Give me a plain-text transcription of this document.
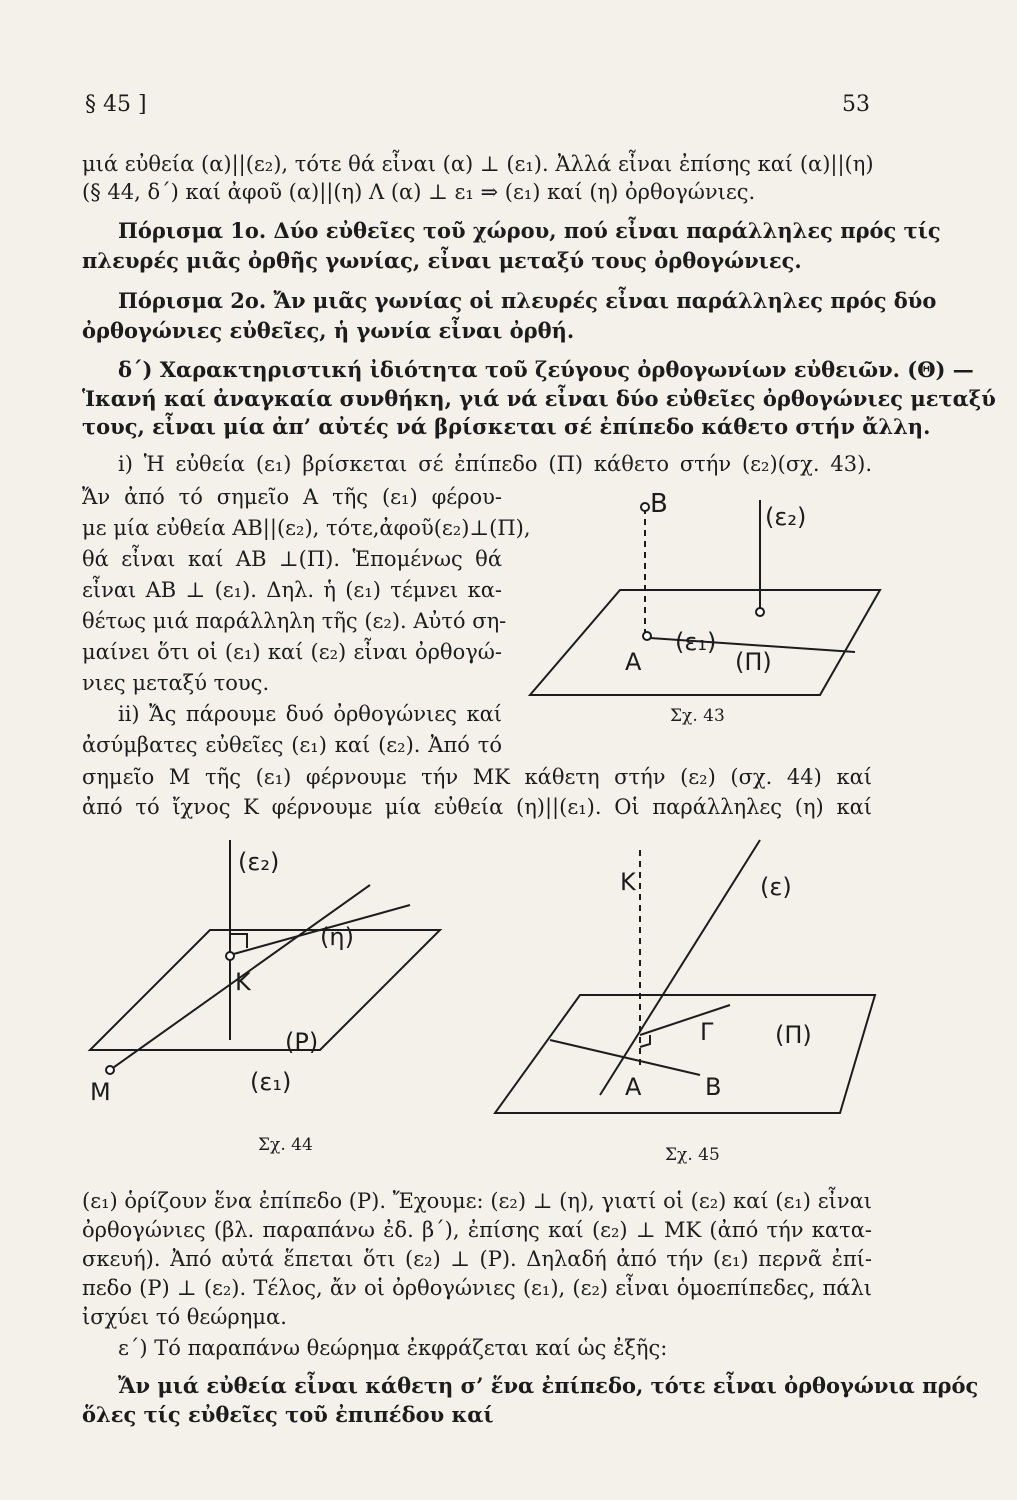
§ 45 ]	53
μιά εὐθεία (α)||(ε₂), τότε θά εἶναι (α) ⊥ (ε₁). Ἀλλά εἶναι ἐπίσης καί (α)||(η)
(§ 44, δ΄) καί ἀφοῦ (α)||(η) Λ (α) ⊥ ε₁ ⇒ (ε₁) καί (η) ὀρθογώνιες.
Πόρισμα 1ο. Δύο εὐθεῖες τοῦ χώρου, πού εἶναι παράλληλες πρός τίς
πλευρές μιᾶς ὀρθῆς γωνίας, εἶναι μεταξύ τους ὀρθογώνιες.
Πόρισμα 2ο. Ἄν μιᾶς γωνίας οἱ πλευρές εἶναι παράλληλες πρός δύο
ὀρθογώνιες εὐθεῖες, ἡ γωνία εἶναι ὀρθή.
δ΄) Χαρακτηριστική ἰδιότητα τοῦ ζεύγους ὀρθογωνίων εὐθειῶν. (Θ) —
Ἱκανή καί ἀναγκαία συνθήκη, γιά νά εἶναι δύο εὐθεῖες ὀρθογώνιες μεταξύ
τους, εἶναι μία ἀπ’ αὐτές νά βρίσκεται σέ ἐπίπεδο κάθετο στήν ἄλλη.
i) Ἡ εὐθεία (ε₁) βρίσκεται σέ ἐπίπεδο (Π) κάθετο στήν (ε₂)(σχ. 43).
Ἄν ἀπό τό σημεῖο Α τῆς (ε₁) φέρου-
με μία εὐθεία ΑΒ||(ε₂), τότε,ἀφοῦ(ε₂)⊥(Π),
θά εἶναι καί ΑΒ ⊥(Π). Ἑπομένως θά
εἶναι ΑΒ ⊥ (ε₁). Δηλ. ἡ (ε₁) τέμνει κα-
θέτως μιά παράλληλη τῆς (ε₂). Αὐτό ση-
μαίνει ὅτι οἱ (ε₁) καί (ε₂) εἶναι ὀρθογώ-
νιες μεταξύ τους.
ii) Ἄς πάρουμε δυό ὀρθογώνιες καί
ἀσύμβατες εὐθεῖες (ε₁) καί (ε₂). Ἀπό τό
σημεῖο Μ τῆς (ε₁) φέρνουμε τήν ΜΚ κάθετη στήν (ε₂) (σχ. 44) καί
ἀπό τό ἴχνος Κ φέρνουμε μία εὐθεία (η)||(ε₁). Οἱ παράλληλες (η) καί
(ε₁) ὁρίζουν ἕνα ἐπίπεδο (Ρ). Ἔχουμε: (ε₂) ⊥ (η), γιατί οἱ (ε₂) καί (ε₁) εἶναι
ὀρθογώνιες (βλ. παραπάνω ἐδ. β΄), ἐπίσης καί (ε₂) ⊥ ΜΚ (ἀπό τήν κατα-
σκευή). Ἀπό αὐτά ἕπεται ὅτι (ε₂) ⊥ (Ρ). Δηλαδή ἀπό τήν (ε₁) περνᾶ ἐπί-
πεδο (Ρ) ⊥ (ε₂). Τέλος, ἄν οἱ ὀρθογώνιες (ε₁), (ε₂) εἶναι ὁμοεπίπεδες, πάλι
ἰσχύει τό θεώρημα.
ε΄) Τό παραπάνω θεώρημα ἐκφράζεται καί ὡς ἐξῆς:
Ἄν μιά εὐθεία εἶναι κάθετη σ’ ἕνα ἐπίπεδο, τότε εἶναι ὀρθογώνια πρός
ὅλες τίς εὐθεῖες τοῦ ἐπιπέδου καί
Β	(ε₂)
Α
(ε₁)
(Π)
Σχ. 43
(ε₂)
(η)
Κ
(Ρ)
Μ	(ε₁)
Σχ. 44
Κ	(ε)
Γ	(Π)
Α	Β
Σχ. 45
